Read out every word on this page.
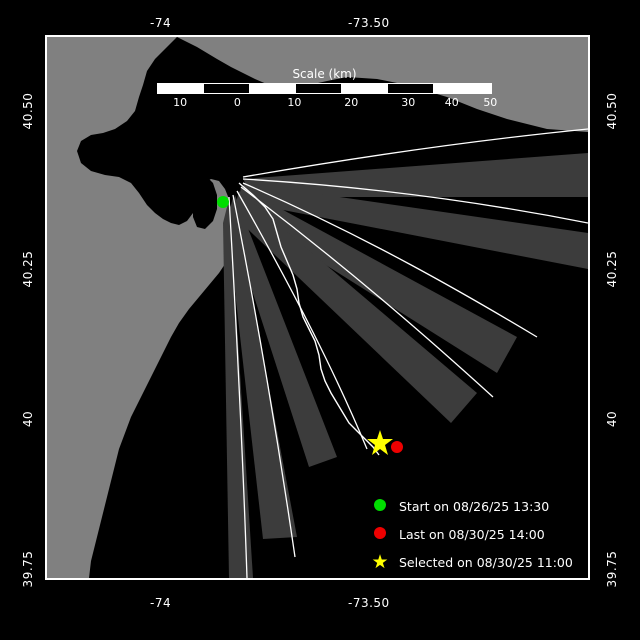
-74	-73.50
-74	-73.50
40.50
40.25
40
39.75
40.50
40.25
40
39.75
Scale (km)
10	0	10	20	30	40 50
Start on 08/26/25 13:30
Last on 08/30/25 14:00
★ Selected on 08/30/25 11:00
